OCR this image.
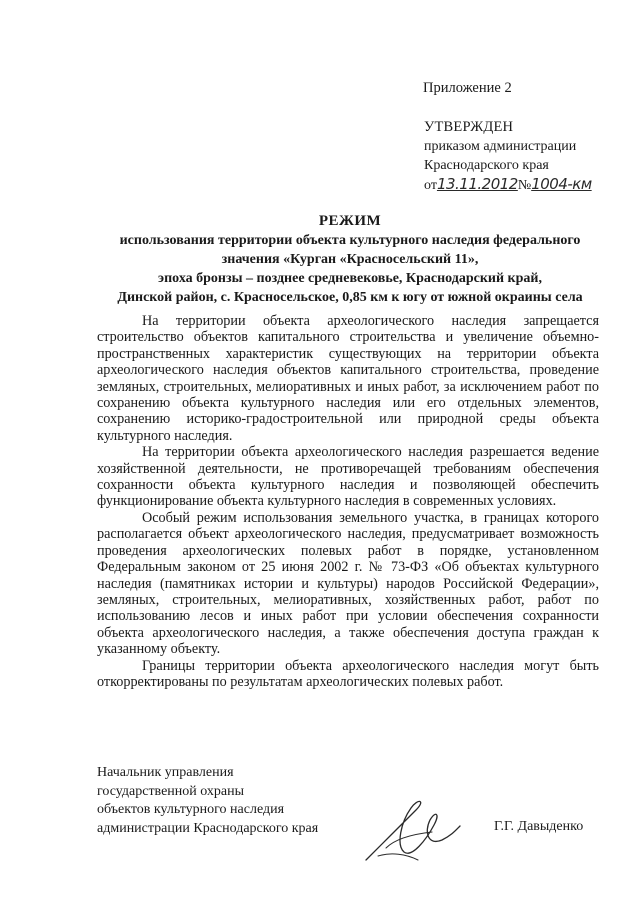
Приложение 2
УТВЕРЖДЕН
приказом администрации
Краснодарского края
от13.11.2012№1004-км
РЕЖИМ
использования территории объекта культурного наследия федерального
значения «Курган «Красносельский 11»,
эпоха бронзы – позднее средневековье, Краснодарский край,
Динской район, с. Красносельское, 0,85 км к югу от южной окраины села

На территории объекта археологического наследия запрещается строительство объектов капитального строительства и увеличение объемно-пространственных характеристик существующих на территории объекта археологического наследия объектов капитального строительства, проведение земляных, строительных, мелиоративных и иных работ, за исключением работ по сохранению объекта культурного наследия или его отдельных элементов, сохранению историко-градостроительной или природной среды объекта культурного наследия.

На территории объекта археологического наследия разрешается ведение хозяйственной деятельности, не противоречащей требованиям обеспечения сохранности объекта культурного наследия и позволяющей обеспечить функционирование объекта культурного наследия в современных условиях.

Особый режим использования земельного участка, в границах которого располагается объект археологического наследия, предусматривает возможность проведения археологических полевых работ в порядке, установленном Федеральным законом от 25 июня 2002 г. № 73-ФЗ «Об объектах культурного наследия (памятниках истории и культуры) народов Российской Федерации», земляных, строительных, мелиоративных, хозяйственных работ, работ по использованию лесов и иных работ при условии обеспечения сохранности объекта археологического наследия, а также обеспечения доступа граждан к указанному объекту.

Границы территории объекта археологического наследия могут быть откорректированы по результатам археологических полевых работ.

Начальник управления
государственной охраны
объектов культурного наследия
администрации Краснодарского края	Г.Г. Давыденко
